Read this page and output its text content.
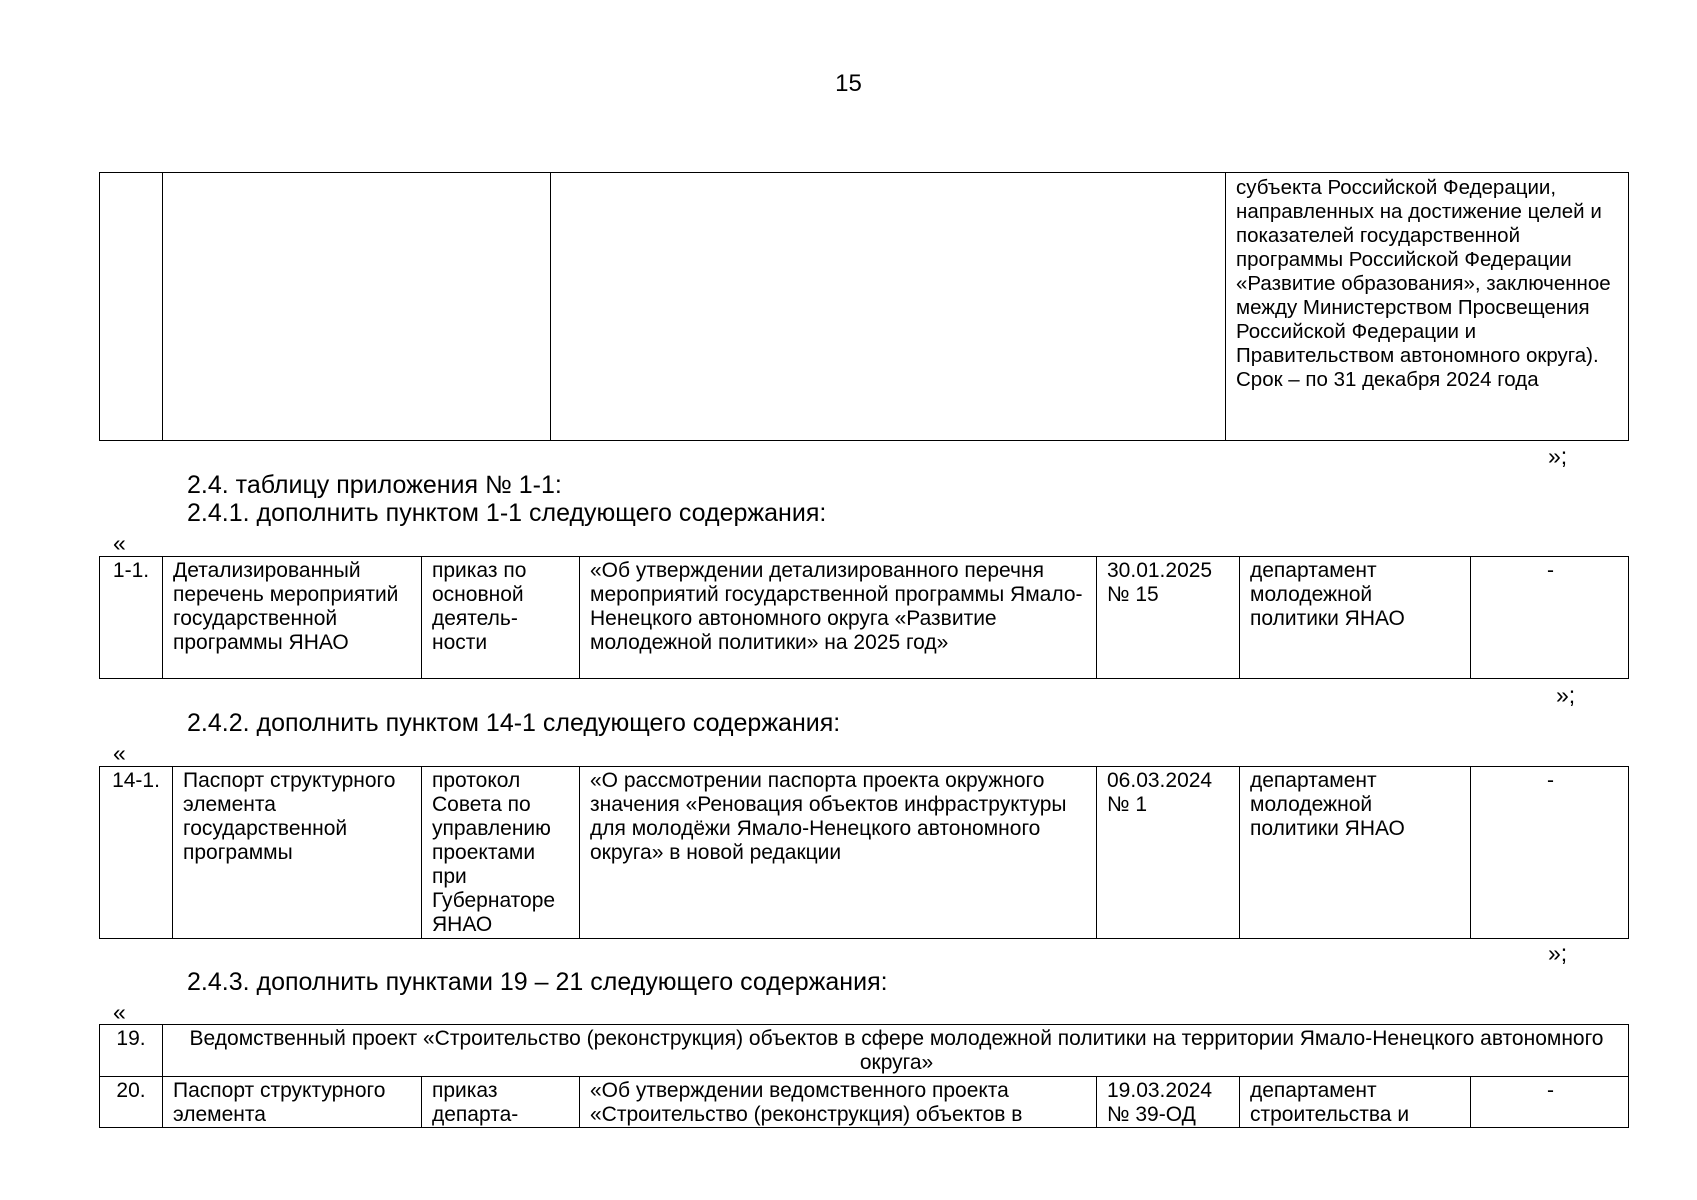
15
			субъекта Российской Федерации, направленных на достижение целей и показателей государственной программы Российской Федерации «Развитие образования», заключенное между Министерством Просвещения Российской Федерации и Правительством автономного округа). Срок – по 31 декабря 2024 года
»;
2.4. таблицу приложения № 1-1:
2.4.1. дополнить пунктом 1-1 следующего содержания:
«
1-1.	Детализированный перечень мероприятий государственной программы ЯНАО	приказ по основной деятель-ности	«Об утверждении детализированного перечня мероприятий государственной программы Ямало-Ненецкого автономного округа «Развитие молодежной политики» на 2025 год»	30.01.2025 № 15	департамент молодежной политики ЯНАО	-
»;
2.4.2. дополнить пунктом 14-1 следующего содержания:
«
14-1.	Паспорт структурного элемента государственной программы	протокол Совета по управлению проектами при Губернаторе ЯНАО	«О рассмотрении паспорта проекта окружного значения «Реновация объектов инфраструктуры для молодёжи Ямало-Ненецкого автономного округа» в новой редакции	06.03.2024 № 1	департамент молодежной политики ЯНАО	-
»;
2.4.3. дополнить пунктами 19 – 21 следующего содержания:
«
19.	Ведомственный проект «Строительство (реконструкция) объектов в сфере молодежной политики на территории Ямало-Ненецкого автономного округа»					
20.	Паспорт структурного элемента	приказ департа-	«Об утверждении ведомственного проекта «Строительство (реконструкция) объектов в	19.03.2024 № 39-ОД	департамент строительства и	-
